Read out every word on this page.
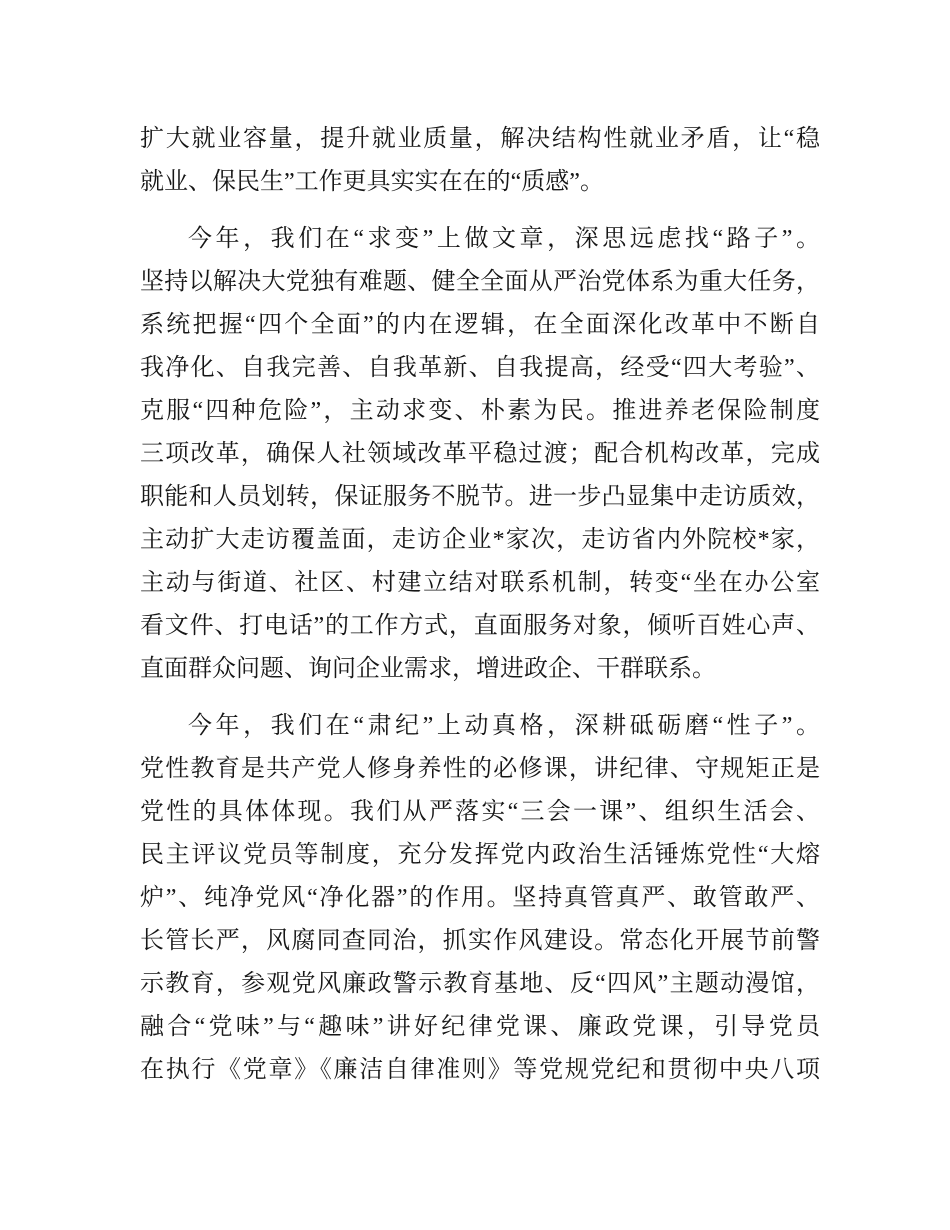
扩大就业容量，提升就业质量，解决结构性就业矛盾，让“稳
就业、保民生”工作更具实实在在的“质感”。
今年，我们在“求变”上做文章，深思远虑找“路子”。
坚持以解决大党独有难题、健全全面从严治党体系为重大任务，
系统把握“四个全面”的内在逻辑，在全面深化改革中不断自
我净化、自我完善、自我革新、自我提高，经受“四大考验”、
克服“四种危险”，主动求变、朴素为民。推进养老保险制度
三项改革，确保人社领域改革平稳过渡；配合机构改革，完成
职能和人员划转，保证服务不脱节。进一步凸显集中走访质效，
主动扩大走访覆盖面，走访企业*家次，走访省内外院校*家，
主动与街道、社区、村建立结对联系机制，转变“坐在办公室
看文件、打电话”的工作方式，直面服务对象，倾听百姓心声、
直面群众问题、询问企业需求，增进政企、干群联系。
今年，我们在“肃纪”上动真格，深耕砥砺磨“性子”。
党性教育是共产党人修身养性的必修课，讲纪律、守规矩正是
党性的具体体现。我们从严落实“三会一课”、组织生活会、
民主评议党员等制度，充分发挥党内政治生活锤炼党性“大熔
炉”、纯净党风“净化器”的作用。坚持真管真严、敢管敢严、
长管长严，风腐同查同治，抓实作风建设。常态化开展节前警
示教育，参观党风廉政警示教育基地、反“四风”主题动漫馆，
融合“党味”与“趣味”讲好纪律党课、廉政党课，引导党员
在执行《党章》《廉洁自律准则》等党规党纪和贯彻中央八项
